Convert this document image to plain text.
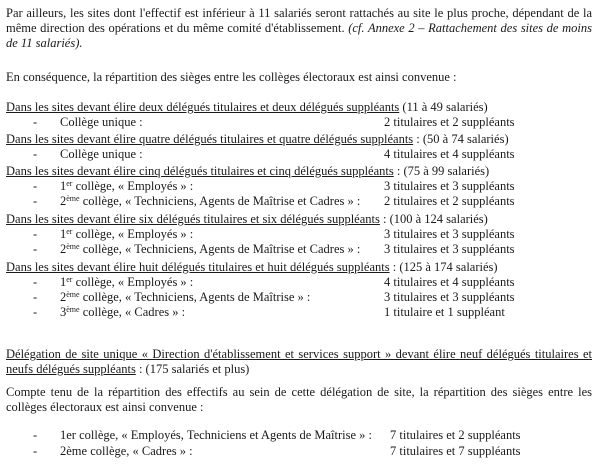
Par ailleurs, les sites dont l'effectif est inférieur à 11 salariés seront rattachés au site le plus proche, dépendant de la même direction des opérations et du même comité d'établissement. (cf. Annexe 2 – Rattachement des sites de moins de 11 salariés).
En conséquence, la répartition des sièges entre les collèges électoraux est ainsi convenue :
Dans les sites devant élire deux délégués titulaires et deux délégués suppléants (11 à 49 salariés)
- Collège unique :	2 titulaires et 2 suppléants
Dans les sites devant élire quatre délégués titulaires et quatre délégués suppléants : (50 à 74 salariés)
- Collège unique :	4 titulaires et 4 suppléants
Dans les sites devant élire cinq délégués titulaires et cinq délégués suppléants : (75 à 99 salariés)
- 1er collège, « Employés » :	3 titulaires et 3 suppléants
- 2ème collège, « Techniciens, Agents de Maîtrise et Cadres » : 2 titulaires et 2 suppléants
Dans les sites devant élire six délégués titulaires et six délégués suppléants : (100 à 124 salariés)
- 1er collège, « Employés » :	3 titulaires et 3 suppléants
- 2ème collège, « Techniciens, Agents de Maîtrise et Cadres » : 3 titulaires et 3 suppléants
Dans les sites devant élire huit délégués titulaires et huit délégués suppléants : (125 à 174 salariés)
- 1er collège, « Employés » :	4 titulaires et 4 suppléants
- 2ème collège, « Techniciens, Agents de Maîtrise » :	3 titulaires et 3 suppléants
- 3ème collège, « Cadres » :	1 titulaire et 1 suppléant
Délégation de site unique « Direction d'établissement et services support » devant élire neuf délégués titulaires et neufs délégués suppléants : (175 salariés et plus)
Compte tenu de la répartition des effectifs au sein de cette délégation de site, la répartition des sièges entre les collèges électoraux est ainsi convenue :
- 1er collège, « Employés, Techniciens et Agents de Maîtrise » : 7 titulaires et 2 suppléants
- 2ème collège, « Cadres » :	7 titulaires et 7 suppléants
